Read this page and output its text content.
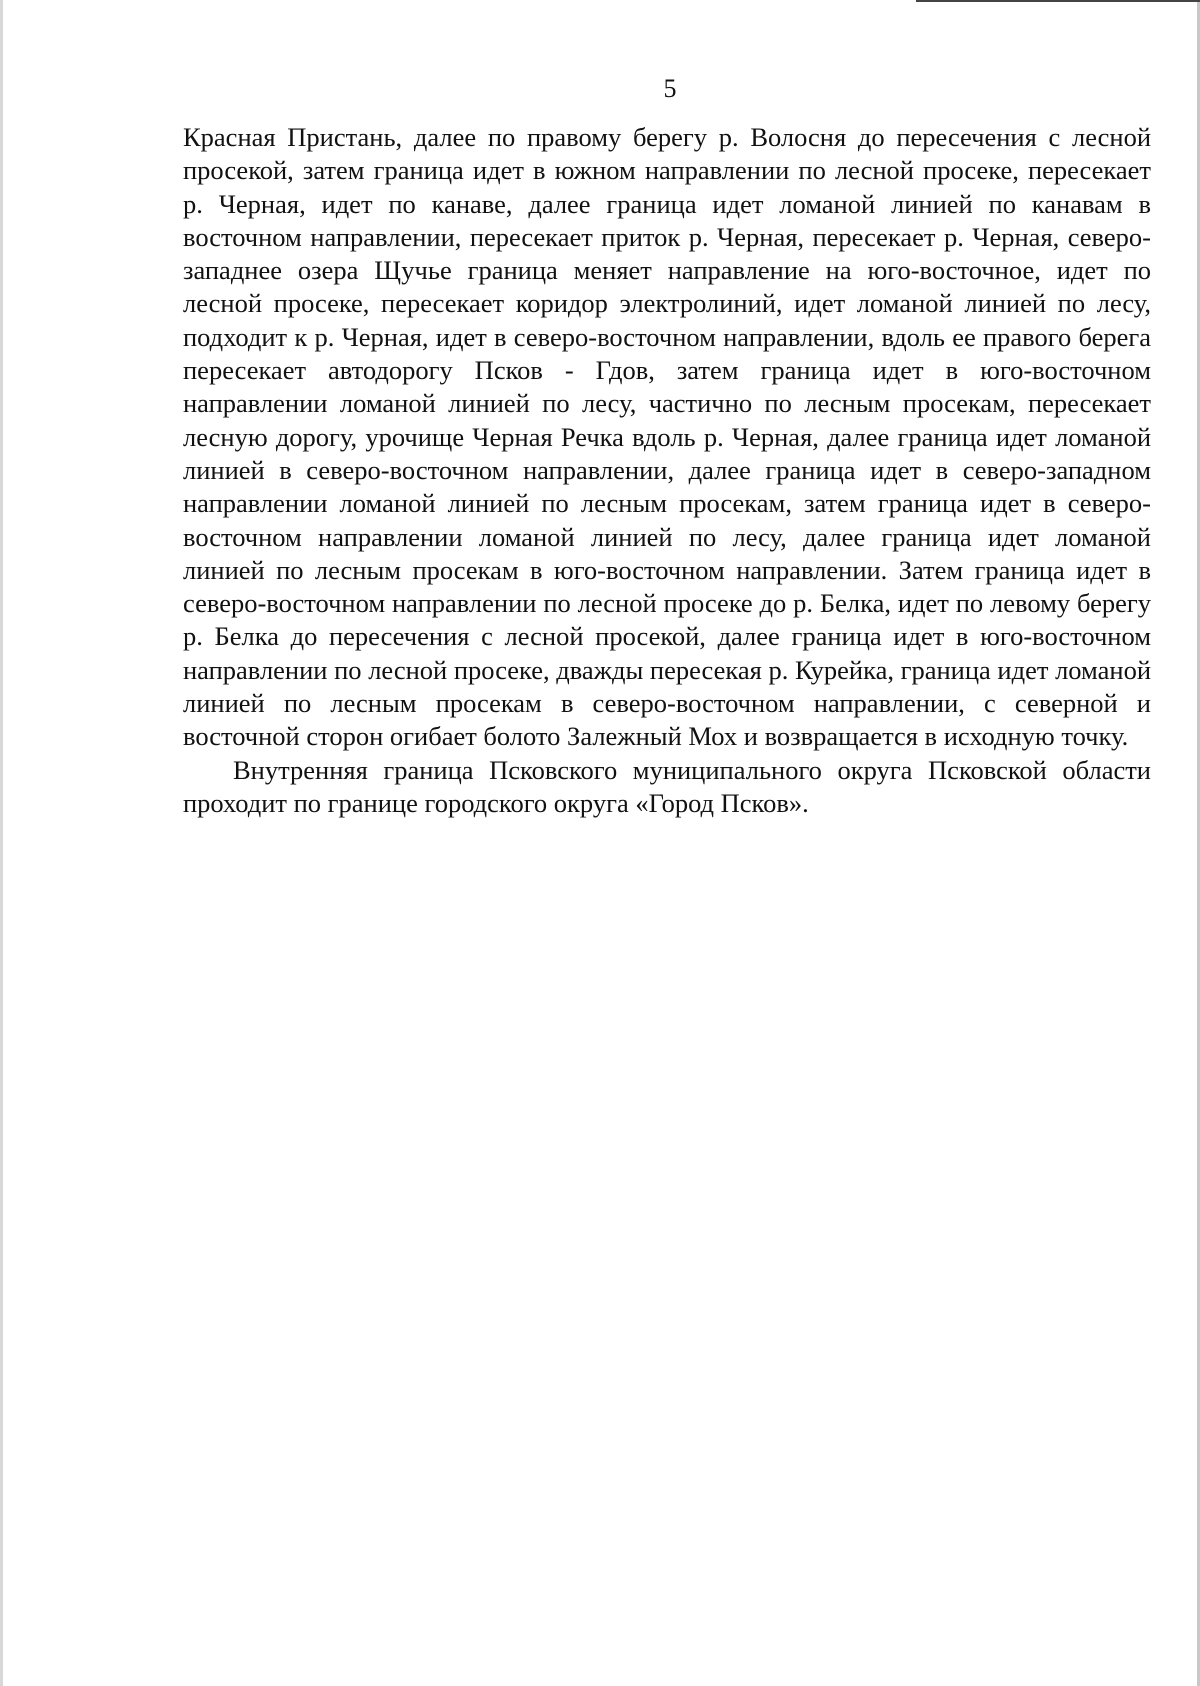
5

Красная Пристань, далее по правому берегу р. Волосня до пересечения с лесной просекой, затем граница идет в южном направлении по лесной просеке, пересекает р. Черная, идет по канаве, далее граница идет ломаной линией по канавам в восточном направлении, пересекает приток р. Черная, пересекает р. Черная, северо-западнее озера Щучье граница меняет направление на юго-восточное, идет по лесной просеке, пересекает коридор электролиний, идет ломаной линией по лесу, подходит к р. Черная, идет в северо-восточном направлении, вдоль ее правого берега пересекает автодорогу Псков - Гдов, затем граница идет в юго-восточном направлении ломаной линией по лесу, частично по лесным просекам, пересекает лесную дорогу, урочище Черная Речка вдоль р. Черная, далее граница идет ломаной линией в северо-восточном направлении, далее граница идет в северо-западном направлении ломаной линией по лесным просекам, затем граница идет в северо-восточном направлении ломаной линией по лесу, далее граница идет ломаной линией по лесным просекам в юго-восточном направлении. Затем граница идет в северо-восточном направлении по лесной просеке до р. Белка, идет по левому берегу р. Белка до пересечения с лесной просекой, далее граница идет в юго-восточном направлении по лесной просеке, дважды пересекая р. Курейка, граница идет ломаной линией по лесным просекам в северо-восточном направлении, с северной и восточной сторон огибает болото Залежный Мох и возвращается в исходную точку.

Внутренняя граница Псковского муниципального округа Псковской области проходит по границе городского округа «Город Псков».
